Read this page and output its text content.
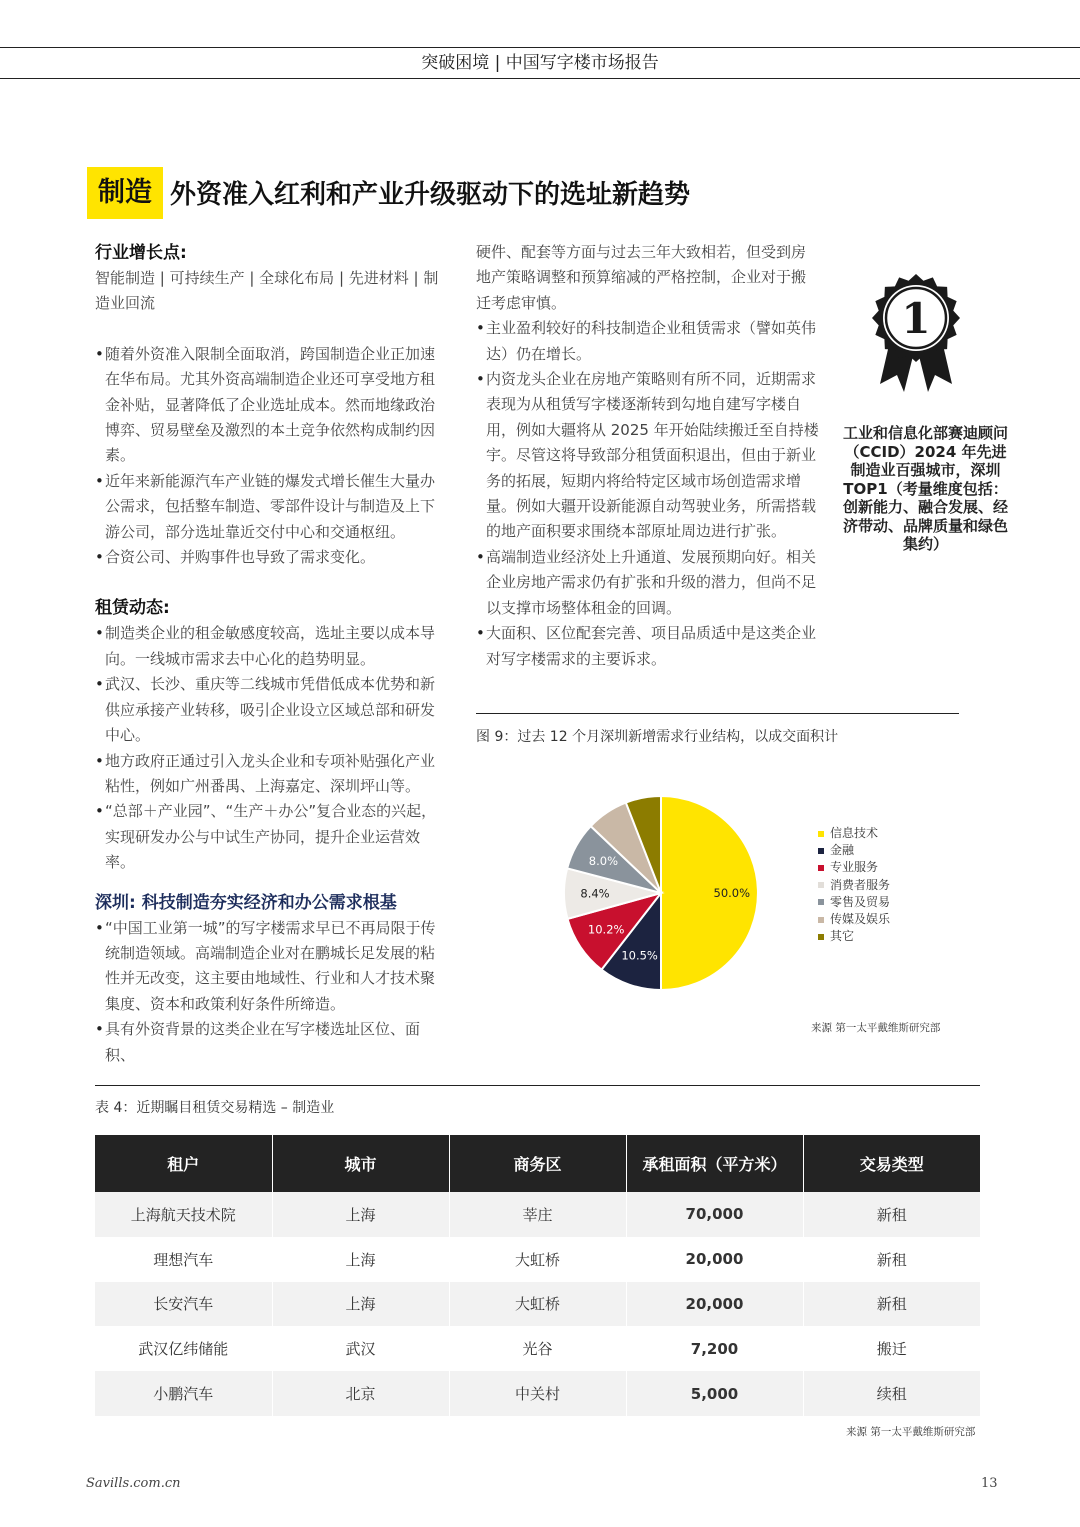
突破困境 | 中国写字楼市场报告
制造 外资准入红利和产业升级驱动下的选址新趋势

行业增长点:

智能制造 | 可持续生产 | 全球化布局 | 先进材料 | 制造业回流

• 随着外资准入限制全面取消，跨国制造企业正加速在华布局。尤其外资高端制造企业还可享受地方租金补贴，显著降低了企业选址成本。然而地缘政治博弈、贸易壁垒及激烈的本土竞争依然构成制约因素。

• 近年来新能源汽车产业链的爆发式增长催生大量办公需求，包括整车制造、零部件设计与制造及上下游公司，部分选址靠近交付中心和交通枢纽。

• 合资公司、并购事件也导致了需求变化。

租赁动态:

• 制造类企业的租金敏感度较高，选址主要以成本导向。一线城市需求去中心化的趋势明显。

• 武汉、长沙、重庆等二线城市凭借低成本优势和新供应承接产业转移，吸引企业设立区域总部和研发中心。

• 地方政府正通过引入龙头企业和专项补贴强化产业粘性，例如广州番禺、上海嘉定、深圳坪山等。

• “总部＋产业园”、“生产＋办公”复合业态的兴起，实现研发办公与中试生产协同，提升企业运营效率。

深圳: 科技制造夯实经济和办公需求根基

• “中国工业第一城”的写字楼需求早已不再局限于传统制造领域。高端制造企业对在鹏城长足发展的粘性并无改变，这主要由地域性、行业和人才技术聚集度、资本和政策利好条件所缔造。

• 具有外资背景的这类企业在写字楼选址区位、面积、

硬件、配套等方面与过去三年大致相若，但受到房地产策略调整和预算缩减的严格控制，企业对于搬迁考虑审慎。

• 主业盈利较好的科技制造企业租赁需求（譬如英伟达）仍在增长。

• 内资龙头企业在房地产策略则有所不同，近期需求表现为从租赁写字楼逐渐转到勾地自建写字楼自用，例如大疆将从 2025 年开始陆续搬迁至自持楼宇。尽管这将导致部分租赁面积退出，但由于新业务的拓展，短期内将给特定区域市场创造需求增量。例如大疆开设新能源自动驾驶业务，所需搭载的地产面积要求围绕本部原址周边进行扩张。

• 高端制造业经济处上升通道、发展预期向好。相关企业房地产需求仍有扩张和升级的潜力，但尚不足以支撑市场整体租金的回调。

• 大面积、区位配套完善、项目品质适中是这类企业对写字楼需求的主要诉求。

1
工业和信息化部赛迪顾问（CCID）2024 年先进制造业百强城市，深圳 TOP1（考量维度包括：创新能力、融合发展、经济带动、品牌质量和绿色集约）
图 9：过去 12 个月深圳新增需求行业结构，以成交面积计
50.0%
10.5%
10.2%
8.4%
8.0%
信息技术
金融
专业服务
消费者服务
零售及贸易
传媒及娱乐
其它
来源 第一太平戴维斯研究部
表 4：近期瞩目租赁交易精选 – 制造业
租户	城市	商务区	承租面积（平方米）	交易类型
上海航天技术院	上海	莘庄	70,000	新租
理想汽车	上海	大虹桥	20,000	新租
长安汽车	上海	大虹桥	20,000	新租
武汉亿纬储能	武汉	光谷	7,200	搬迁
小鹏汽车	北京	中关村	5,000	续租
来源 第一太平戴维斯研究部
Savills.com.cn	13
